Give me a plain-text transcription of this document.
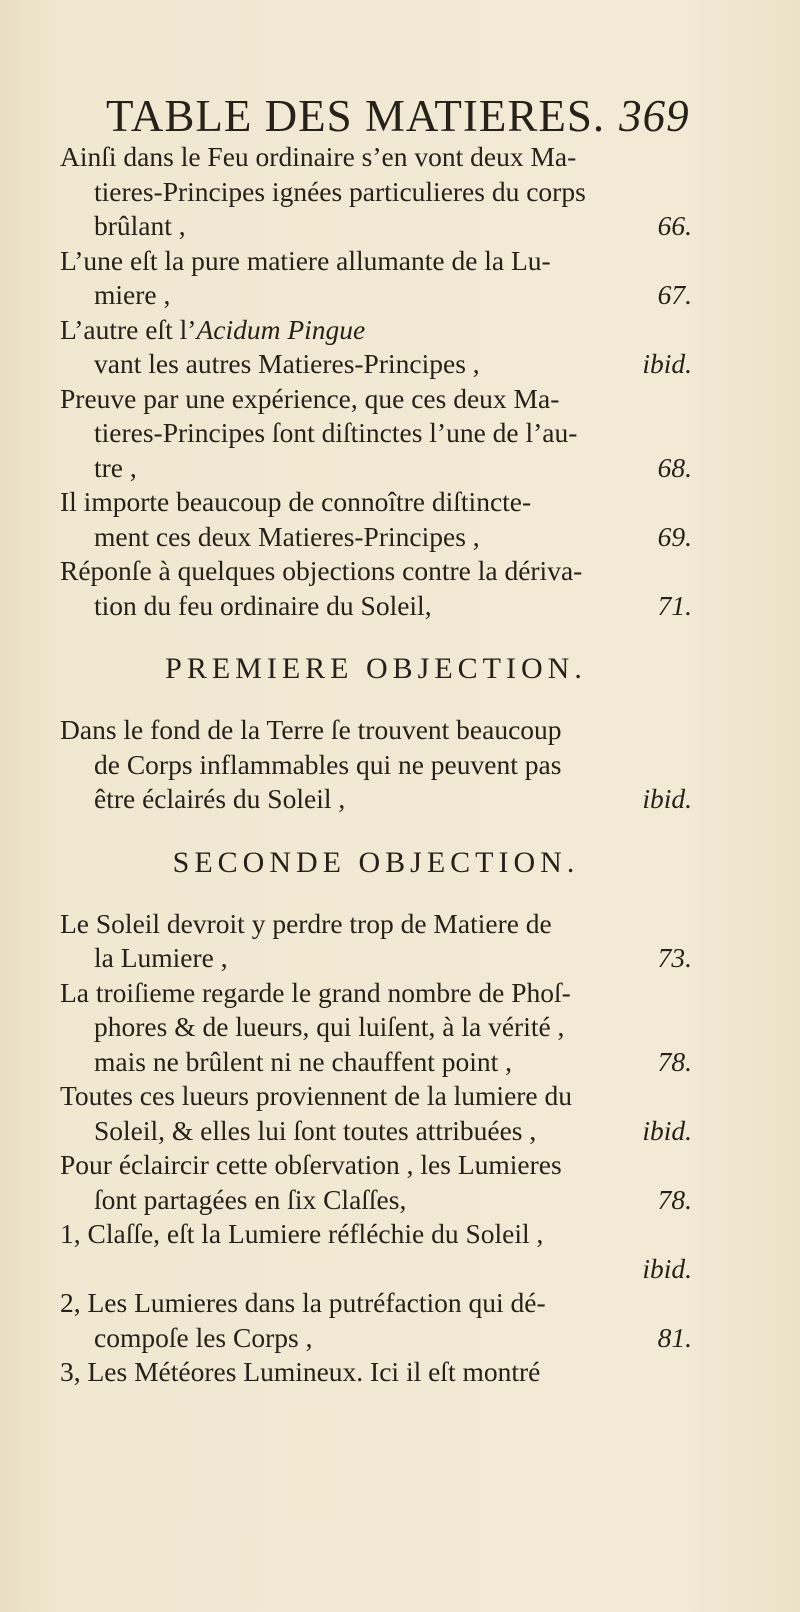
TABLE DES MATIERES. 369
Ainſi dans le Feu ordinaire s’en vont deux Ma-
tieres-Principes ignées particulieres du corps
brûlant ,	66.
L’une eſt la pure matiere allumante de la Lu-
miere ,	67.
L’autre eſt l’Acidum Pingue
vant les autres Matieres-Principes ,	ibid.
Preuve par une expérience, que ces deux Ma-
tieres-Principes ſont diſtinctes l’une de l’au-
tre ,	68.
Il importe beaucoup de connoître diſtincte-
ment ces deux Matieres-Principes ,	69.
Réponſe à quelques objections contre la dériva-
tion du feu ordinaire du Soleil,	71.
PREMIERE OBJECTION.
Dans le fond de la Terre ſe trouvent beaucoup
de Corps inflammables qui ne peuvent pas
être éclairés du Soleil ,	ibid.
SECONDE OBJECTION.
Le Soleil devroit y perdre trop de Matiere de
la Lumiere ,	73.
La troiſieme regarde le grand nombre de Phoſ-
phores & de lueurs, qui luiſent, à la vérité ,
mais ne brûlent ni ne chauffent point ,	78.
Toutes ces lueurs proviennent de la lumiere du
Soleil, & elles lui ſont toutes attribuées ,	ibid.
Pour éclaircir cette obſervation , les Lumieres
ſont partagées en ſix Claſſes,	78.
1, Claſſe, eſt la Lumiere réfléchie du Soleil ,
ibid.
2, Les Lumieres dans la putréfaction qui dé-
compoſe les Corps ,	81.
3, Les Météores Lumineux. Ici il eſt montré
